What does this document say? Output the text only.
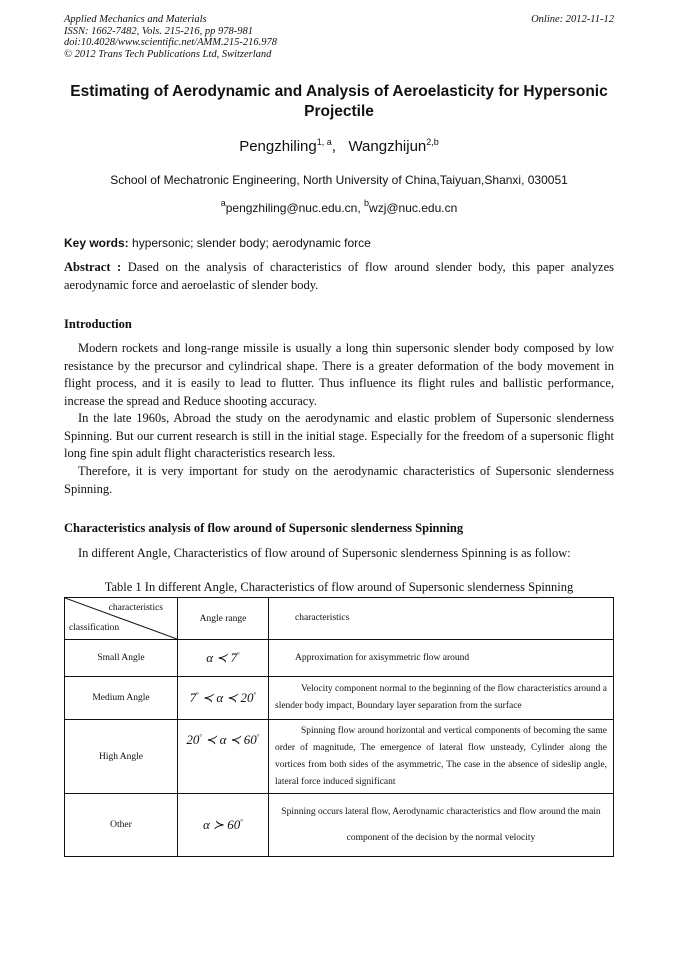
Applied Mechanics and Materials
ISSN: 1662-7482, Vols. 215-216, pp 978-981
doi:10.4028/www.scientific.net/AMM.215-216.978
© 2012 Trans Tech Publications Ltd, Switzerland
Online: 2012-11-12
Estimating of Aerodynamic and Analysis of Aeroelasticity for Hypersonic Projectile
Pengzhiling$^{1, a}$, Wangzhijun$^{2,b}$
School of Mechatronic Engineering, North University of China,Taiyuan,Shanxi, 030051
$^a$pengzhiling@nuc.edu.cn, $^b$wzj@nuc.edu.cn
Key words: hypersonic; slender body; aerodynamic force
Abstract : Dased on the analysis of characteristics of flow around slender body, this paper analyzes aerodynamic force and aeroelastic of slender body.
Introduction
Modern rockets and long-range missile is usually a long thin supersonic slender body composed by low resistance by the precursor and cylindrical shape. There is a greater deformation of the body movement in flight process, and it is easily to lead to flutter. Thus influence its flight rules and ballistic performance, increase the spread and Reduce shooting accuracy.
In the late 1960s, Abroad the study on the aerodynamic and elastic problem of Supersonic slenderness Spinning. But our current research is still in the initial stage. Especially for the freedom of a supersonic flight long fine spin adult flight characteristics research less.
Therefore, it is very important for study on the aerodynamic characteristics of Supersonic slenderness Spinning.
Characteristics analysis of flow around of Supersonic slenderness Spinning
In different Angle, Characteristics of flow around of Supersonic slenderness Spinning is as follow:
Table 1 In different Angle, Characteristics of flow around of Supersonic slenderness Spinning
characteristics
classification	Angle range	characteristics
Small Angle	α ≺ 7°	Approximation for axisymmetric flow around
Medium Angle	7° ≺ α ≺ 20°	Velocity component normal to the beginning of the flow characteristics around a slender body impact, Boundary layer separation from the surface
High Angle	20° ≺ α ≺ 60°	Spinning flow around horizontal and vertical components of becoming the same order of magnitude, The emergence of lateral flow unsteady, Cylinder along the vortices from both sides of the asymmetric, The case in the absence of sideslip angle, lateral force induced significant
Other	α ≻ 60°	Spinning occurs lateral flow, Aerodynamic characteristics and flow around the main component of the decision by the normal velocity
